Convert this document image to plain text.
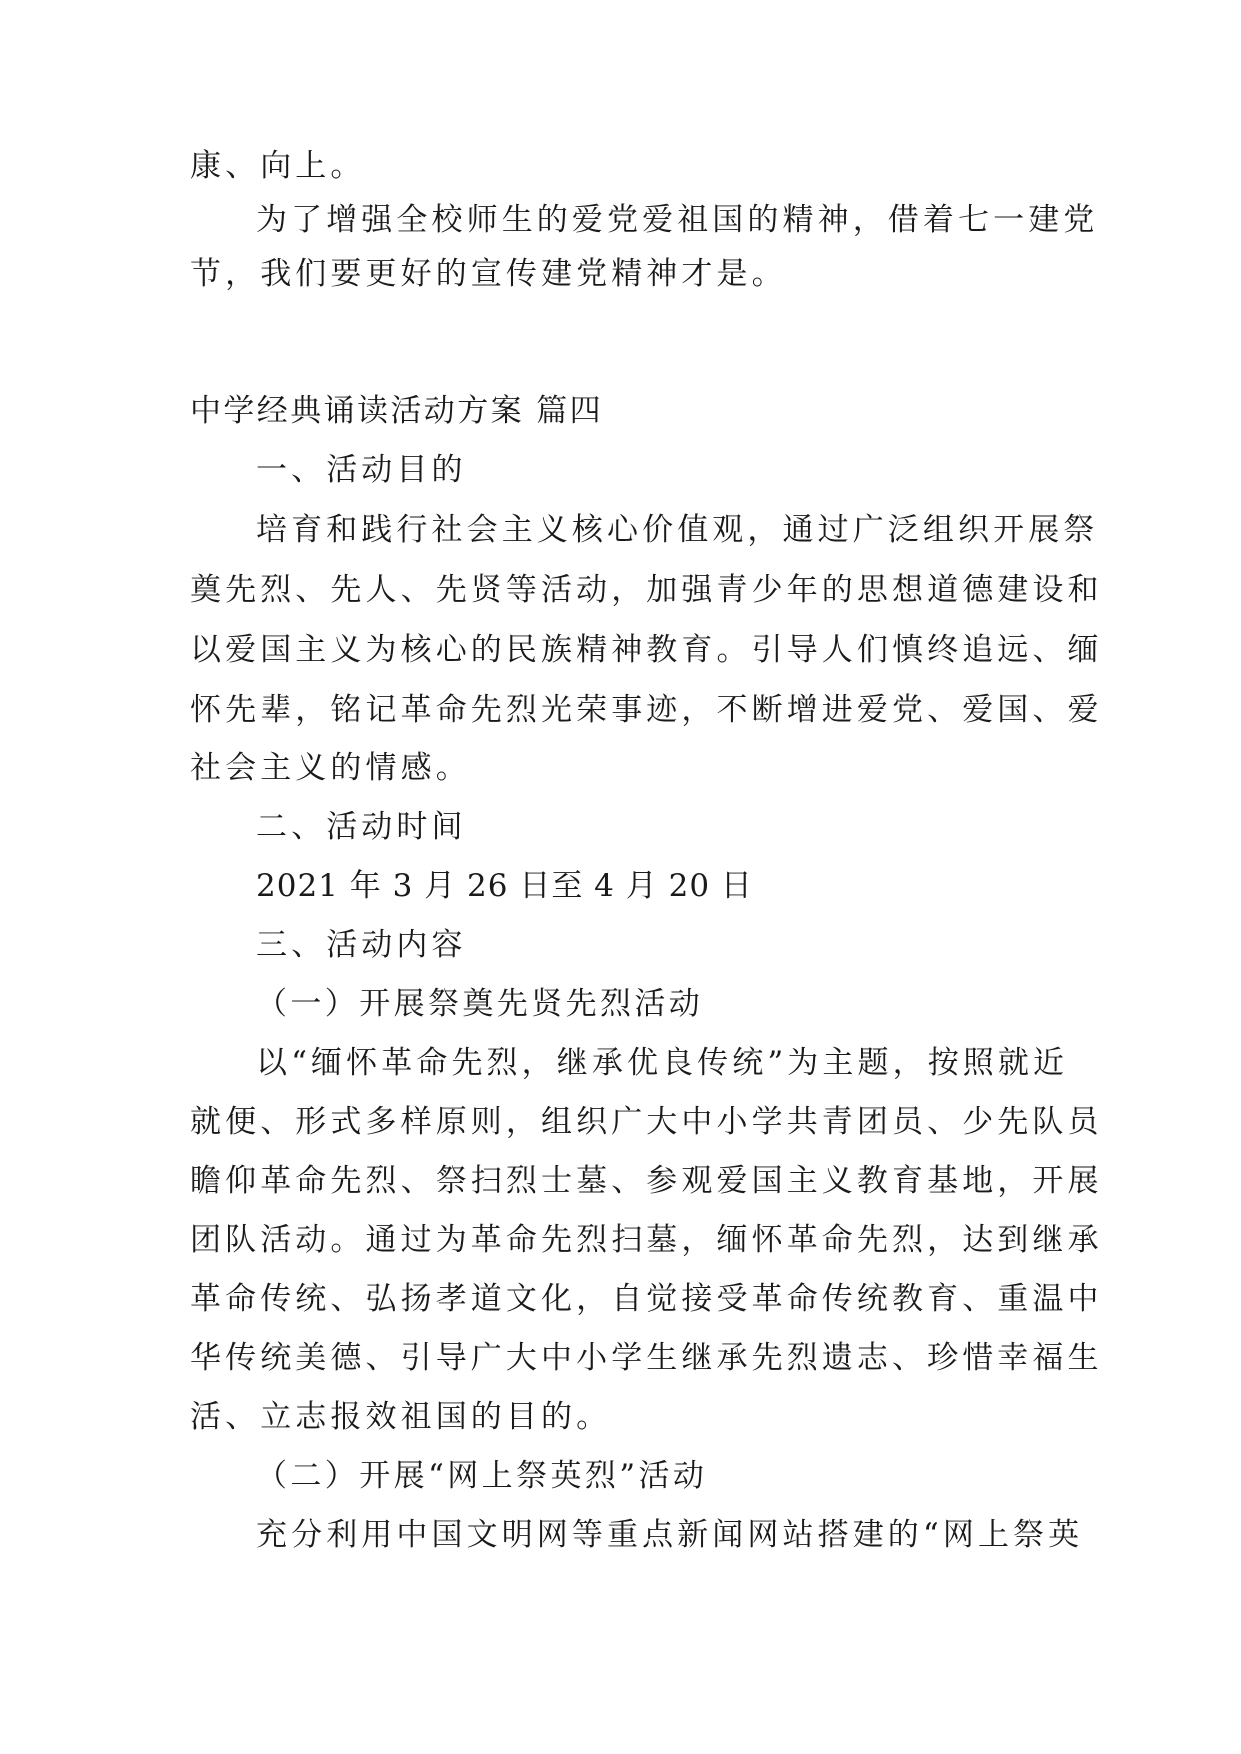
康、向上。
为了增强全校师生的爱党爱祖国的精神，借着七一建党
节，我们要更好的宣传建党精神才是。
中学经典诵读活动方案 篇四
一、活动目的
培育和践行社会主义核心价值观，通过广泛组织开展祭
奠先烈、先人、先贤等活动，加强青少年的思想道德建设和
以爱国主义为核心的民族精神教育。引导人们慎终追远、缅
怀先辈，铭记革命先烈光荣事迹，不断增进爱党、爱国、爱
社会主义的情感。
二、活动时间
2021 年 3 月 26 日至 4 月 20 日
三、活动内容
（一）开展祭奠先贤先烈活动
以“缅怀革命先烈，继承优良传统”为主题，按照就近
就便、形式多样原则，组织广大中小学共青团员、少先队员
瞻仰革命先烈、祭扫烈士墓、参观爱国主义教育基地，开展
团队活动。通过为革命先烈扫墓，缅怀革命先烈，达到继承
革命传统、弘扬孝道文化，自觉接受革命传统教育、重温中
华传统美德、引导广大中小学生继承先烈遗志、珍惜幸福生
活、立志报效祖国的目的。
（二）开展“网上祭英烈”活动
充分利用中国文明网等重点新闻网站搭建的“网上祭英
